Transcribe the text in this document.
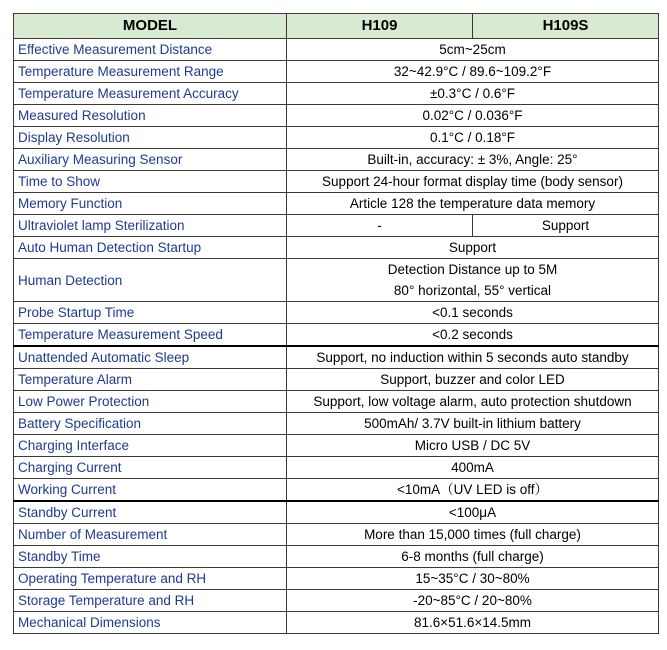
MODEL	H109	H109S
Effective Measurement Distance	5cm~25cm	
Temperature Measurement Range	32~42.9°C / 89.6~109.2°F	
Temperature Measurement Accuracy	±0.3°C / 0.6°F	
Measured Resolution	0.02°C / 0.036°F	
Display Resolution	0.1°C / 0.18°F	
Auxiliary Measuring Sensor	Built-in, accuracy: ± 3%, Angle: 25°	
Time to Show	Support 24-hour format display time (body sensor)	
Memory Function	Article 128 the temperature data memory	
Ultraviolet lamp Sterilization	-	Support
Auto Human Detection Startup	Support	
Human Detection	Detection Distance up to 5M
80° horizontal, 55° vertical	

Probe Startup Time	<0.1 seconds	
Temperature Measurement Speed	<0.2 seconds	
Unattended Automatic Sleep	Support, no induction within 5 seconds auto standby	
Temperature Alarm	Support, buzzer and color LED	
Low Power Protection	Support, low voltage alarm, auto protection shutdown	
Battery Specification	500mAh/ 3.7V built-in lithium battery	
Charging Interface	Micro USB / DC 5V	
Charging Current	400mA	
Working Current	<10mA（UV LED is off）	
Standby Current	<100μA	
Number of Measurement	More than 15,000 times (full charge)	
Standby Time	6-8 months (full charge)	
Operating Temperature and RH	15~35°C / 30~80%	
Storage Temperature and RH	-20~85°C / 20~80%	
Mechanical Dimensions	81.6×51.6×14.5mm	
